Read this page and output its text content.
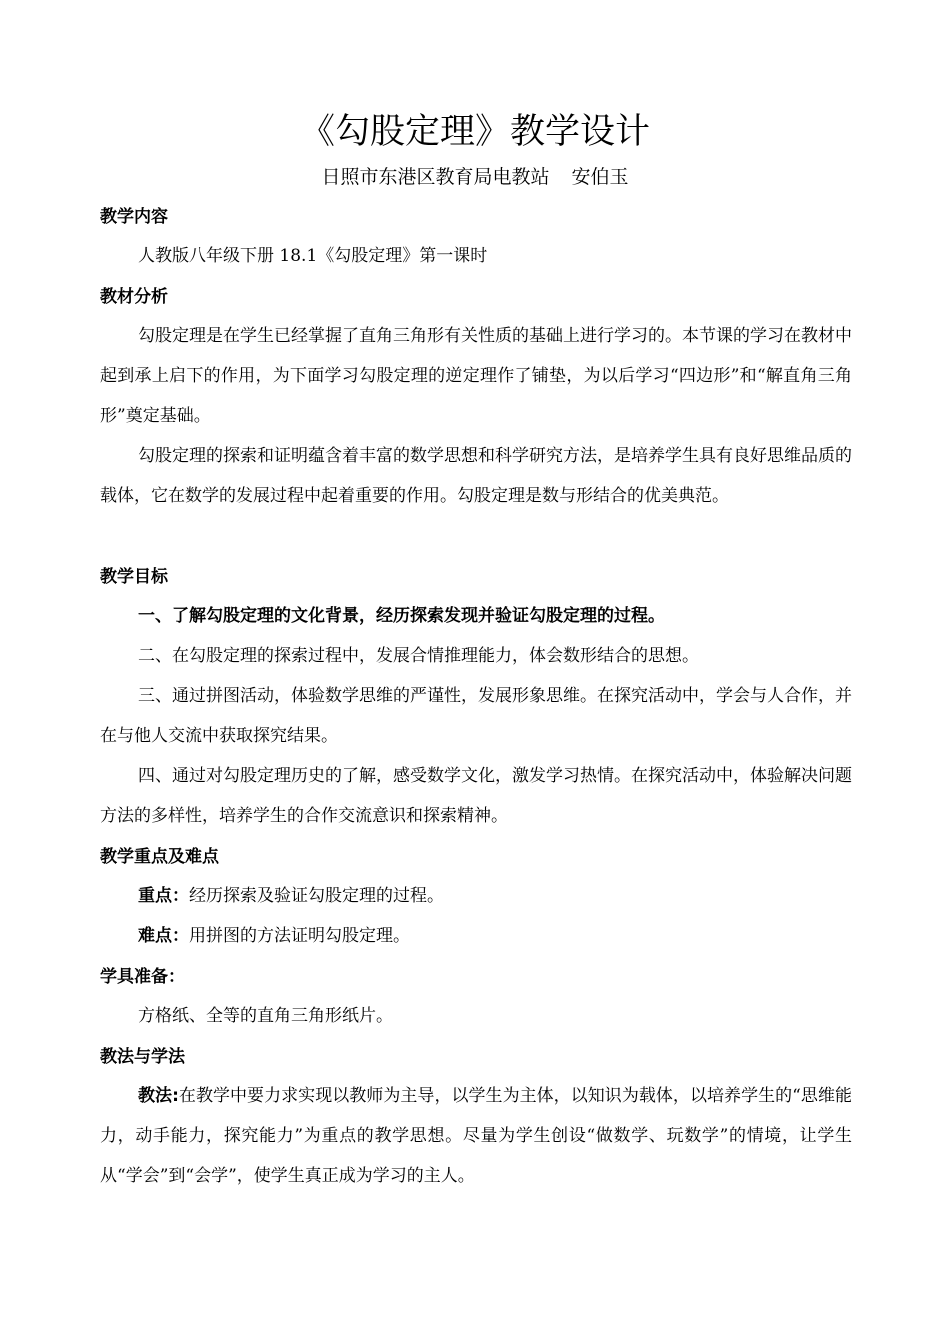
《勾股定理》教学设计
日照市东港区教育局电教站 安伯玉
教学内容

人教版八年级下册 18.1《勾股定理》第一课时

教材分析

勾股定理是在学生已经掌握了直角三角形有关性质的基础上进行学习的。本节课的学习在教材中起到承上启下的作用，为下面学习勾股定理的逆定理作了铺垫，为以后学习“四边形”和“解直角三角形”奠定基础。

勾股定理的探索和证明蕴含着丰富的数学思想和科学研究方法，是培养学生具有良好思维品质的载体，它在数学的发展过程中起着重要的作用。勾股定理是数与形结合的优美典范。

教学目标

一、了解勾股定理的文化背景，经历探索发现并验证勾股定理的过程。

二、在勾股定理的探索过程中，发展合情推理能力，体会数形结合的思想。

三、通过拼图活动，体验数学思维的严谨性，发展形象思维。在探究活动中，学会与人合作，并在与他人交流中获取探究结果。

四、通过对勾股定理历史的了解，感受数学文化，激发学习热情。在探究活动中，体验解决问题方法的多样性，培养学生的合作交流意识和探索精神。

教学重点及难点

重点：经历探索及验证勾股定理的过程。

难点：用拼图的方法证明勾股定理。

学具准备：

方格纸、全等的直角三角形纸片。

教法与学法

教法:在教学中要力求实现以教师为主导，以学生为主体，以知识为载体，以培养学生的“思维能力，动手能力，探究能力”为重点的教学思想。尽量为学生创设“做数学、玩数学”的情境，让学生从“学会”到“会学”，使学生真正成为学习的主人。
